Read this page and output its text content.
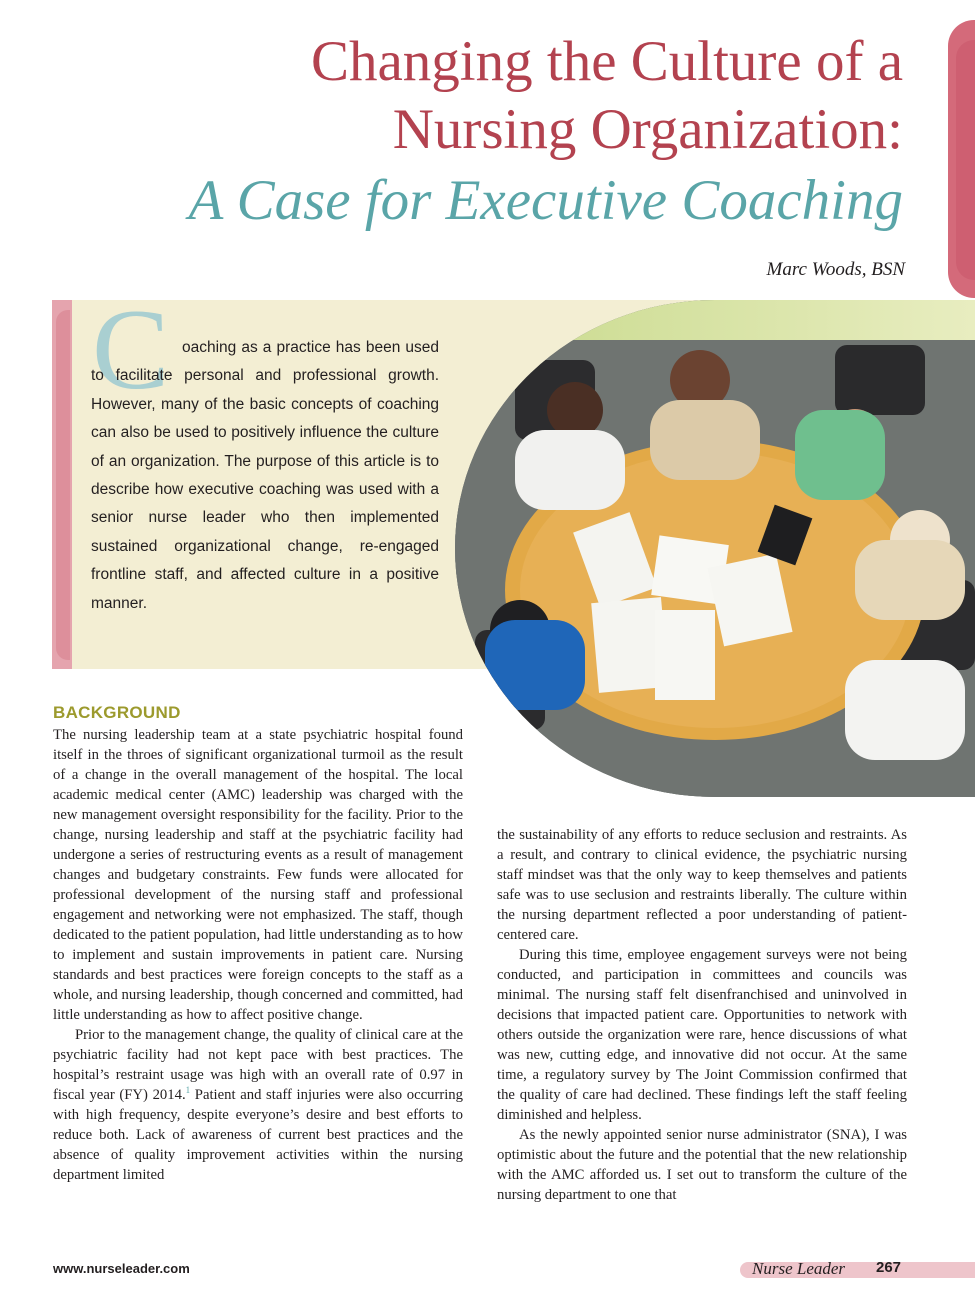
Changing the Culture of a
Nursing Organization:
A Case for Executive Coaching
Marc Woods, BSN
C oaching as a practice has been used to facilitate personal and professional growth. However, many of the basic concepts of coaching can also be used to positively influence the culture of an organization. The purpose of this article is to describe how executive coaching was used with a senior nurse leader who then implemented sustained organizational change, re-engaged frontline staff, and affected culture in a positive manner.
BACKGROUND

The nursing leadership team at a state psychiatric hospital found itself in the throes of significant organizational turmoil as the result of a change in the overall management of the hospital. The local academic medical center (AMC) leadership was charged with the new management oversight responsibility for the facility. Prior to the change, nursing leadership and staff at the psychiatric facility had undergone a series of restructuring events as a result of management changes and budgetary constraints. Few funds were allocated for professional development of the nursing staff and professional engagement and networking were not emphasized. The staff, though dedicated to the patient population, had little understanding as to how to implement and sustain improvements in patient care. Nursing standards and best practices were foreign concepts to the staff as a whole, and nursing leadership, though concerned and committed, had little understanding as how to affect positive change.

Prior to the management change, the quality of clinical care at the psychiatric facility had not kept pace with best practices. The hospital’s restraint usage was high with an overall rate of 0.97 in fiscal year (FY) 2014.$^1$ Patient and staff injuries were also occurring with high frequency, despite everyone’s desire and best efforts to reduce both. Lack of awareness of current best practices and the absence of quality improvement activities within the nursing department limited

the sustainability of any efforts to reduce seclusion and restraints. As a result, and contrary to clinical evidence, the psychiatric nursing staff mindset was that the only way to keep themselves and patients safe was to use seclusion and restraints liberally. The culture within the nursing department reflected a poor understanding of patient-centered care.

During this time, employee engagement surveys were not being conducted, and participation in committees and councils was minimal. The nursing staff felt disenfranchised and uninvolved in decisions that impacted patient care. Opportunities to network with others outside the organization were rare, hence discussions of what was new, cutting edge, and innovative did not occur. At the same time, a regulatory survey by The Joint Commission confirmed that the quality of care had declined. These findings left the staff feeling diminished and helpless.

As the newly appointed senior nurse administrator (SNA), I was optimistic about the future and the potential that the new relationship with the AMC afforded us. I set out to transform the culture of the nursing department to one that

www.nurseleader.com	Nurse Leader 267
